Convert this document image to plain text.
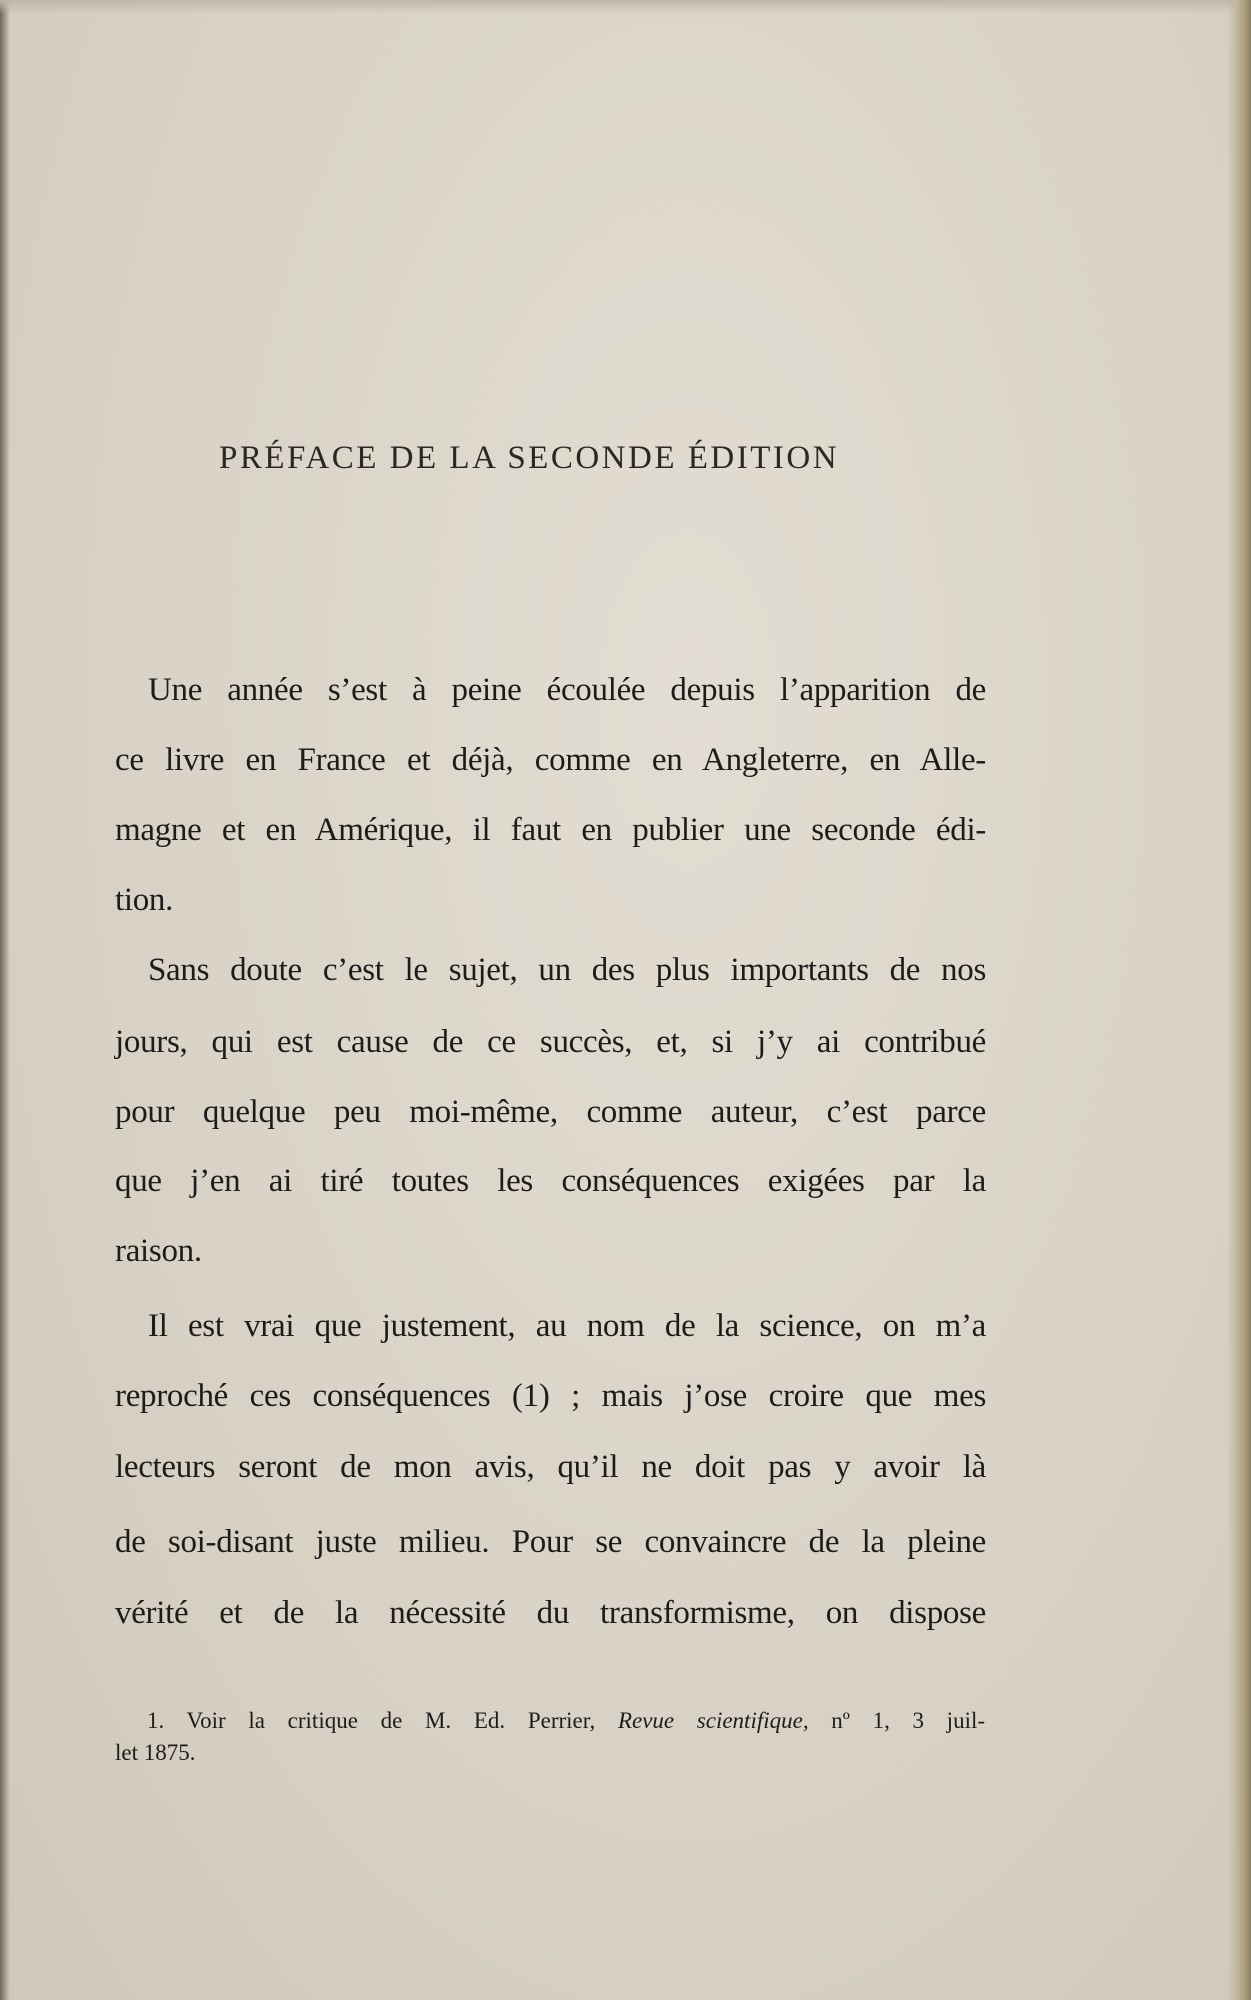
PRÉFACE DE LA SECONDE ÉDITION
Une année s’est à peine écoulée depuis l’apparition de
ce livre en France et déjà, comme en Angleterre, en Alle-
magne et en Amérique, il faut en publier une seconde édi-
tion.
Sans doute c’est le sujet, un des plus importants de nos
jours, qui est cause de ce succès, et, si j’y ai contribué
pour quelque peu moi-même, comme auteur, c’est parce
que j’en ai tiré toutes les conséquences exigées par la
raison.
Il est vrai que justement, au nom de la science, on m’a
reproché ces conséquences (1) ; mais j’ose croire que mes
lecteurs seront de mon avis, qu’il ne doit pas y avoir là
de soi-disant juste milieu. Pour se convaincre de la pleine
vérité et de la nécessité du transformisme, on dispose
1. Voir la critique de M. Ed. Perrier, Revue scientifique, nº 1, 3 juil-
let 1875.
